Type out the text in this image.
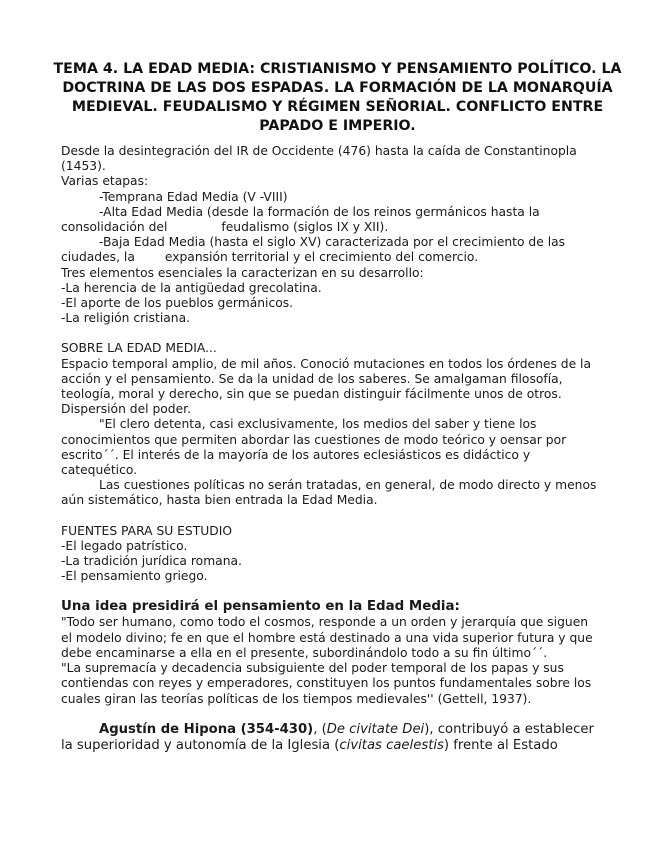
TEMA 4. LA EDAD MEDIA: CRISTIANISMO Y PENSAMIENTO POLÍTICO. LA DOCTRINA DE LAS DOS ESPADAS. LA FORMACIÓN DE LA MONARQUÍA MEDIEVAL. FEUDALISMO Y RÉGIMEN SEÑORIAL. CONFLICTO ENTRE PAPADO E IMPERIO.

Desde la desintegración del IR de Occidente (476) hasta la caída de Constantinopla (1453).

Varias etapas:

-Temprana Edad Media (V -VIII)

-Alta Edad Media (desde la formación de los reinos germánicos hasta la consolidación del	feudalismo (siglos IX y XII).

-Baja Edad Media (hasta el siglo XV) caracterizada por el crecimiento de las ciudades, la expansión territorial y el crecimiento del comercio.

Tres elementos esenciales la caracterizan en su desarrollo:

-La herencia de la antigüedad grecolatina.

-El aporte de los pueblos germánicos.

-La religión cristiana.

SOBRE LA EDAD MEDIA...

Espacio temporal amplio, de mil años. Conoció mutaciones en todos los órdenes de la acción y el pensamiento. Se da la unidad de los saberes. Se amalgaman filosofía, teología, moral y derecho, sin que se puedan distinguir fácilmente unos de otros. Dispersión del poder.

"El clero detenta, casi exclusivamente, los medios del saber y tiene los conocimientos que permiten abordar las cuestiones de modo teórico y oensar por escrito´´. El interés de la mayoría de los autores eclesiásticos es didáctico y catequético.

Las cuestiones políticas no serán tratadas, en general, de modo directo y menos aún sistemático, hasta bien entrada la Edad Media.

FUENTES PARA SU ESTUDIO

-El legado patrístico.

-La tradición jurídica romana.

-El pensamiento griego.

Una idea presidirá el pensamiento en la Edad Media:

"Todo ser humano, como todo el cosmos, responde a un orden y jerarquía que siguen el modelo divino; fe en que el hombre está destinado a una vida superior futura y que debe encaminarse a ella en el presente, subordinándolo todo a su fin último´´.

"La supremacía y decadencia subsiguiente del poder temporal de los papas y sus contiendas con reyes y emperadores, constituyen los puntos fundamentales sobre los cuales giran las teorías políticas de los tiempos medievales'' (Gettell, 1937).

Agustín de Hipona (354-430), (De civitate Dei), contribuyó a establecer la superioridad y autonomía de la Iglesia (civitas caelestis) frente al Estado
